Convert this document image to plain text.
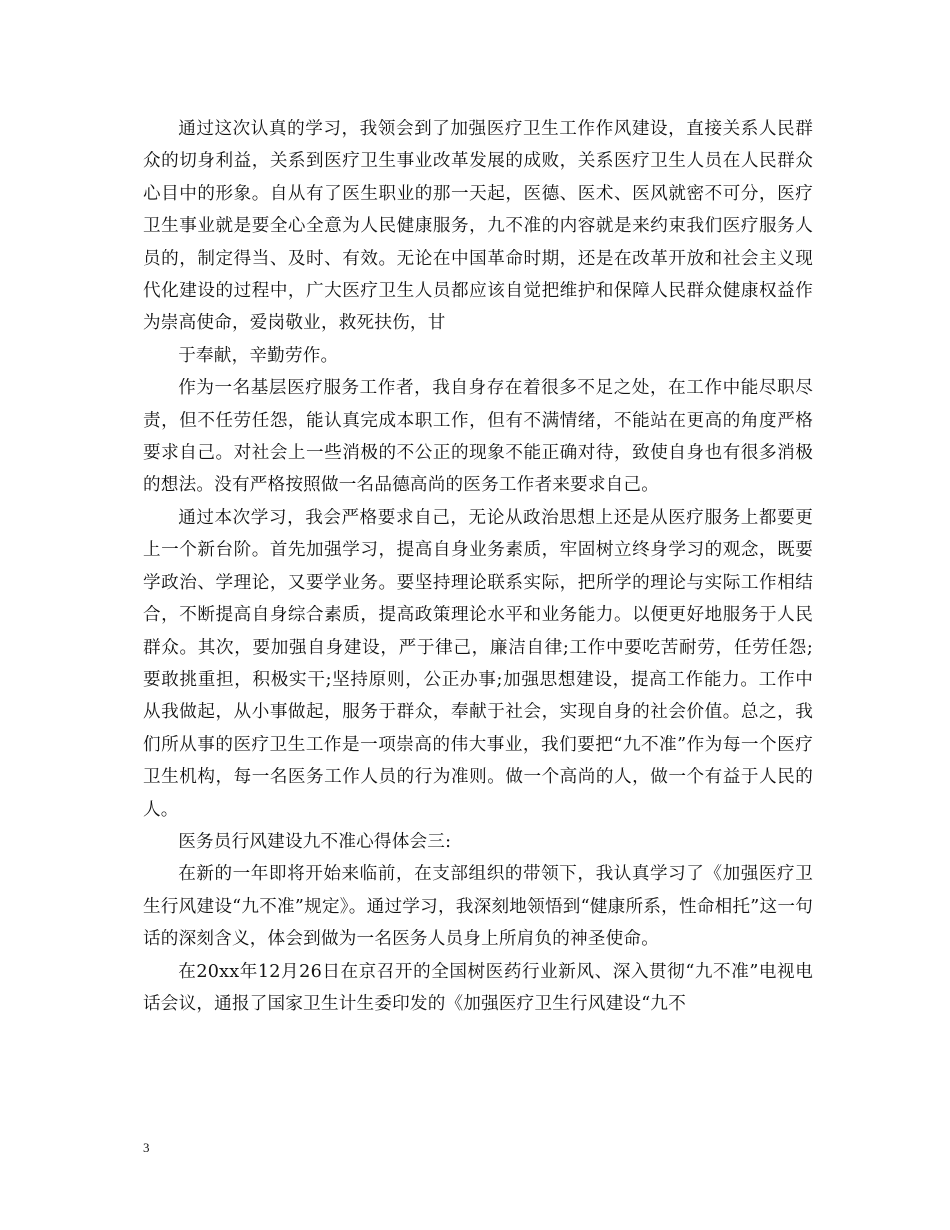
通过这次认真的学习，我领会到了加强医疗卫生工作作风建设，直接关系人民群众的切身利益，关系到医疗卫生事业改革发展的成败，关系医疗卫生人员在人民群众心目中的形象。自从有了医生职业的那一天起，医德、医术、医风就密不可分，医疗卫生事业就是要全心全意为人民健康服务，九不准的内容就是来约束我们医疗服务人员的，制定得当、及时、有效。无论在中国革命时期，还是在改革开放和社会主义现代化建设的过程中，广大医疗卫生人员都应该自觉把维护和保障人民群众健康权益作为崇高使命，爱岗敬业，救死扶伤，甘

于奉献，辛勤劳作。

作为一名基层医疗服务工作者，我自身存在着很多不足之处，在工作中能尽职尽责，但不任劳任怨，能认真完成本职工作，但有不满情绪，不能站在更高的角度严格要求自己。对社会上一些消极的不公正的现象不能正确对待，致使自身也有很多消极的想法。没有严格按照做一名品德高尚的医务工作者来要求自己。

通过本次学习，我会严格要求自己，无论从政治思想上还是从医疗服务上都要更上一个新台阶。首先加强学习，提高自身业务素质，牢固树立终身学习的观念，既要学政治、学理论，又要学业务。要坚持理论联系实际，把所学的理论与实际工作相结合，不断提高自身综合素质，提高政策理论水平和业务能力。以便更好地服务于人民群众。其次，要加强自身建设，严于律己，廉洁自律;工作中要吃苦耐劳，任劳任怨;要敢挑重担，积极实干;坚持原则，公正办事;加强思想建设，提高工作能力。工作中从我做起，从小事做起，服务于群众，奉献于社会，实现自身的社会价值。总之，我们所从事的医疗卫生工作是一项崇高的伟大事业，我们要把“九不准”作为每一个医疗卫生机构，每一名医务工作人员的行为准则。做一个高尚的人，做一个有益于人民的人。

医务员行风建设九不准心得体会三:

在新的一年即将开始来临前，在支部组织的带领下，我认真学习了《加强医疗卫生行风建设“九不准”规定》。通过学习，我深刻地领悟到“健康所系，性命相托”这一句话的深刻含义，体会到做为一名医务人员身上所肩负的神圣使命。

在20xx年12月26日在京召开的全国树医药行业新风、深入贯彻“九不准”电视电话会议，通报了国家卫生计生委印发的《加强医疗卫生行风建设“九不

3
